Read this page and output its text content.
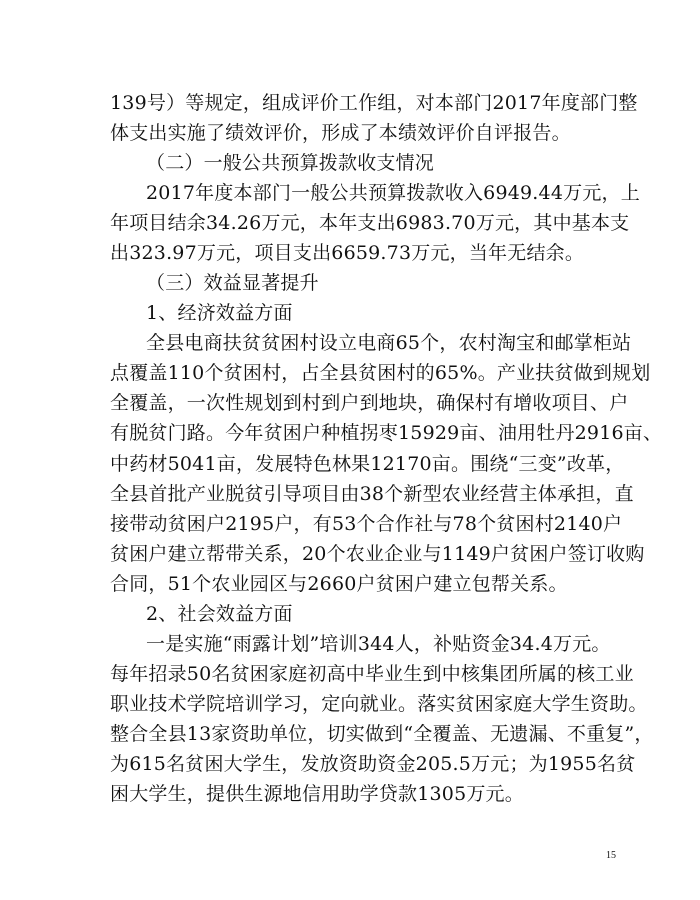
139号）等规定，组成评价工作组，对本部门2017年度部门整
体支出实施了绩效评价，形成了本绩效评价自评报告。
（二）一般公共预算拨款收支情况
2017年度本部门一般公共预算拨款收入6949.44万元，上
年项目结余34.26万元，本年支出6983.70万元，其中基本支
出323.97万元，项目支出6659.73万元，当年无结余。
（三）效益显著提升
1、经济效益方面
全县电商扶贫贫困村设立电商65个，农村淘宝和邮掌柜站
点覆盖110个贫困村，占全县贫困村的65%。产业扶贫做到规划
全覆盖，一次性规划到村到户到地块，确保村有增收项目、户
有脱贫门路。今年贫困户种植拐枣15929亩、油用牡丹2916亩、
中药材5041亩，发展特色林果12170亩。围绕“三变”改革，
全县首批产业脱贫引导项目由38个新型农业经营主体承担，直
接带动贫困户2195户，有53个合作社与78个贫困村2140户
贫困户建立帮带关系，20个农业企业与1149户贫困户签订收购
合同，51个农业园区与2660户贫困户建立包帮关系。
2、社会效益方面
一是实施“雨露计划”培训344人，补贴资金34.4万元。
每年招录50名贫困家庭初高中毕业生到中核集团所属的核工业
职业技术学院培训学习，定向就业。落实贫困家庭大学生资助。
整合全县13家资助单位，切实做到“全覆盖、无遗漏、不重复”，
为615名贫困大学生，发放资助资金205.5万元；为1955名贫
困大学生，提供生源地信用助学贷款1305万元。
15
